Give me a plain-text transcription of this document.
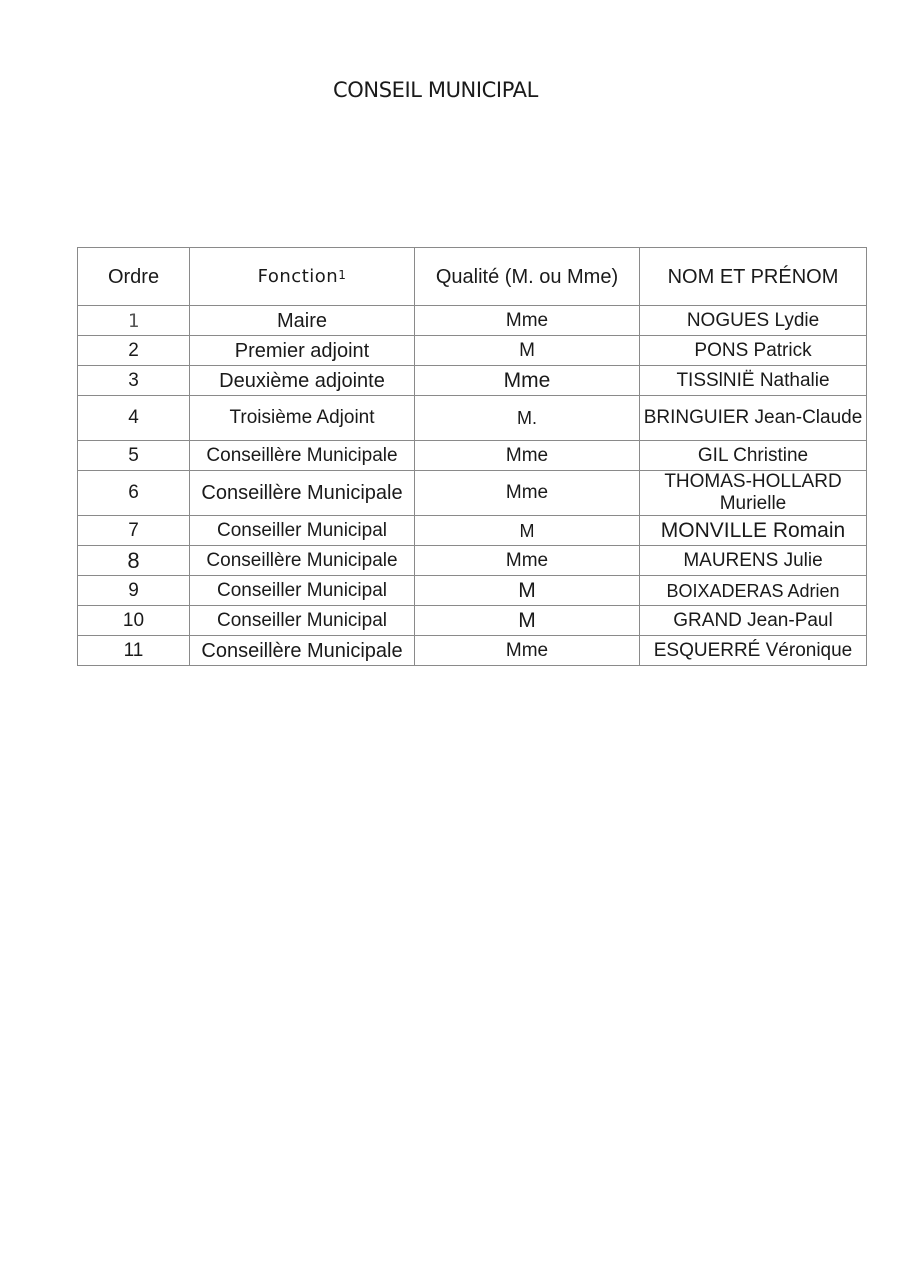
CONSEIL MUNICIPAL
Ordre	Fonction$^1$	Qualité (M. ou Mme)	NOM ET PRÉNOM
1	Maire	Mme	NOGUES Lydie
2	Premier adjoint	M	PONS Patrick
3	Deuxième adjointe	Mme	TISSlNIË Nathalie
4	Troisième Adjoint	M.	BRINGUIER Jean-Claude
5	Conseillère Municipale	Mme	GIL Christine
6	Conseillère Municipale	Mme	THOMAS-HOLLARD Murielle
7	Conseiller Municipal	M	MONVILLE Romain
8	Conseillère Municipale	Mme	MAURENS Julie
9	Conseiller Municipal	M	BOIXADERAS Adrien
10	Conseiller Municipal	M	GRAND Jean-Paul
11	Conseillère Municipale	Mme	ESQUERRÉ Véronique
